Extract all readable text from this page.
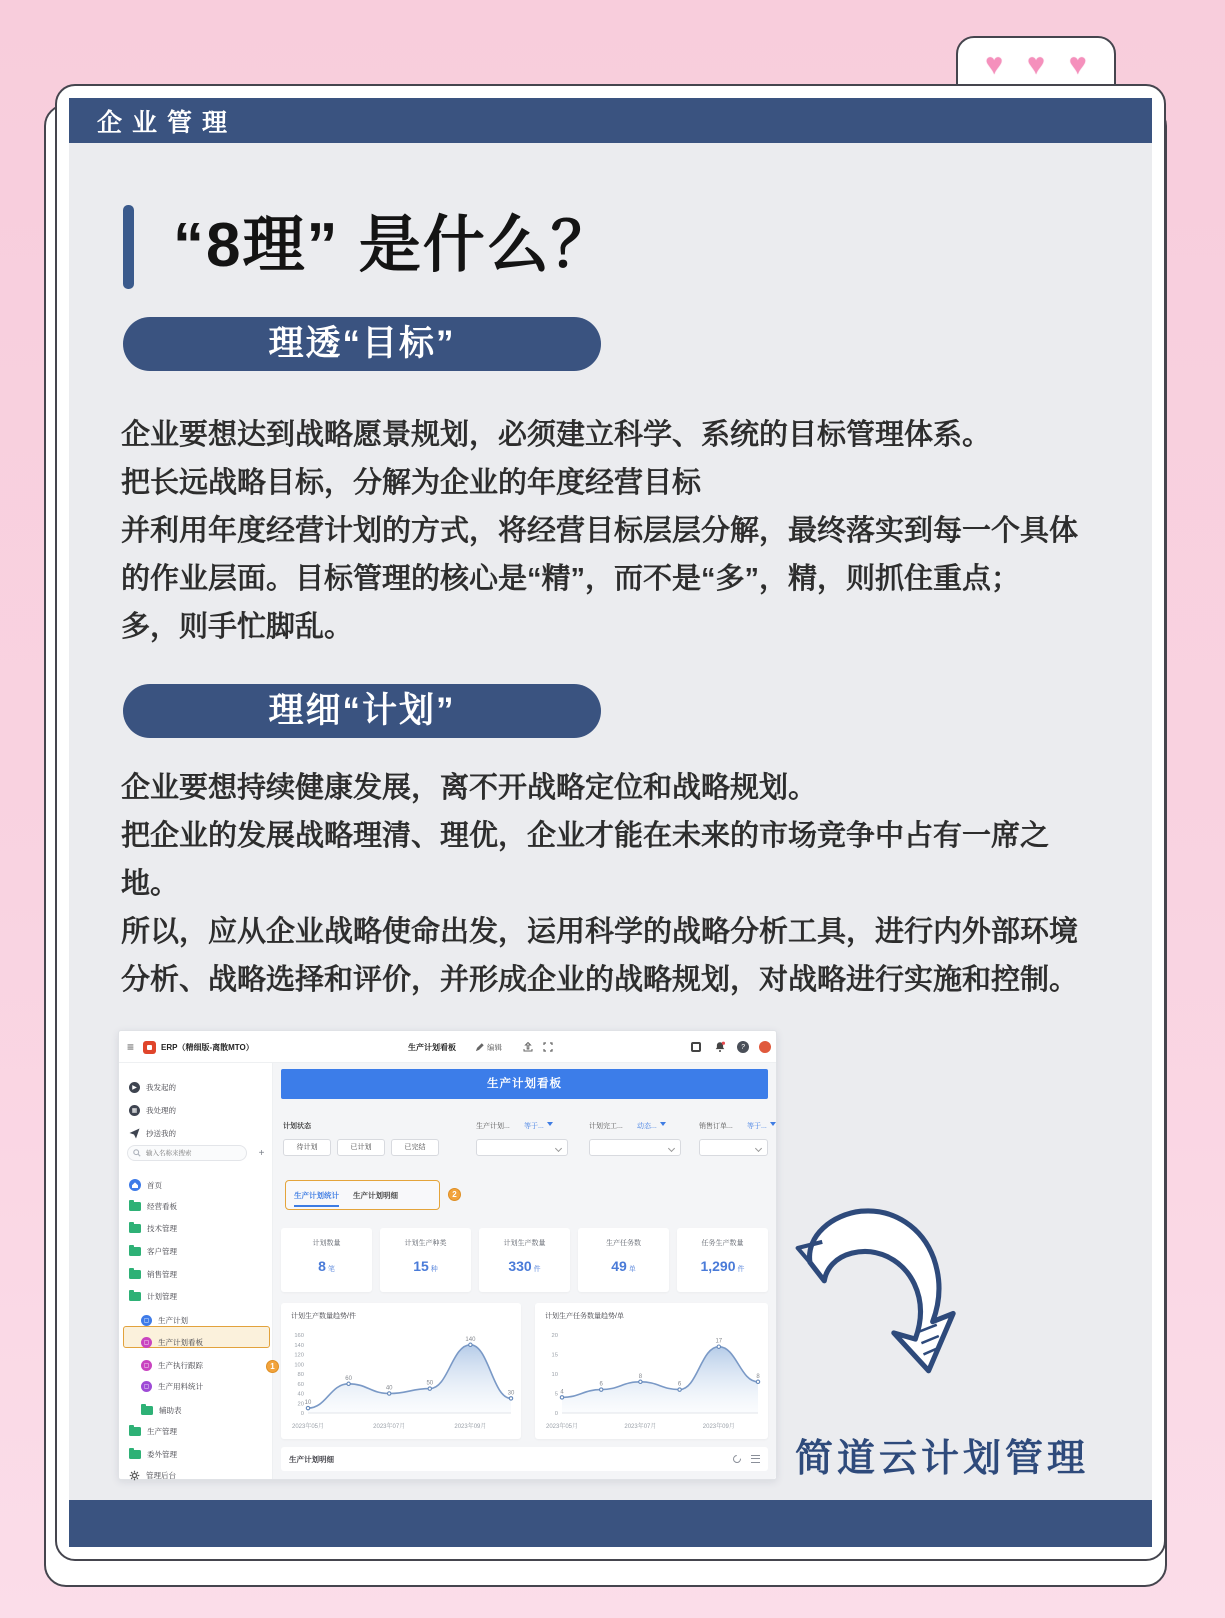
♥ ♥ ♥
企业管理
“8理” 是什么？
理透“目标”
企业要想达到战略愿景规划，必须建立科学、系统的目标管理体系。
把长远战略目标，分解为企业的年度经营目标
并利用年度经营计划的方式，将经营目标层层分解，最终落实到每一个具体
的作业层面。目标管理的核心是“精”，而不是“多”，精，则抓住重点；
多，则手忙脚乱。
理细“计划”
企业要想持续健康发展，离不开战略定位和战略规划。
把企业的发展战略理清、理优，企业才能在未来的市场竞争中占有一席之
地。
所以，应从企业战略使命出发，运用科学的战略分析工具，进行内外部环境
分析、战略选择和评价，并形成企业的战略规划，对战略进行实施和控制。
≡	ERP（精细版-离散MTO）	生产计划看板	编辑	?
▶	我发起的
▦	我处理的
抄送我的
输入名称来搜索
+
首页
经营看板
技术管理
客户管理
销售管理
计划管理
▢	生产计划
▢	生产计划看板
▢	生产执行跟踪
▢	生产用料统计
辅助表
生产管理
委外管理
管理后台
1
生产计划看板
计划状态
待计划	已计划	已完结
生产计划... 等于...	计划完工... 动态...	销售订单... 等于...
生产计划统计 生产计划明细	2
计划数量
8 笔
计划生产种类
15 种
计划生产数量
330 件
生产任务数
49 单
任务生产数量
1,290 件
计划生产数量趋势/件
0
20
40
60
80
100
120
140
160
10
60
40
50
140
30
2023年05月	2023年07月	2023年09月
计划生产任务数量趋势/单
0
5
10
15
20
4
6
8
6
17
8
2023年05月	2023年07月	2023年09月
生产计划明细	简道云计划管理
